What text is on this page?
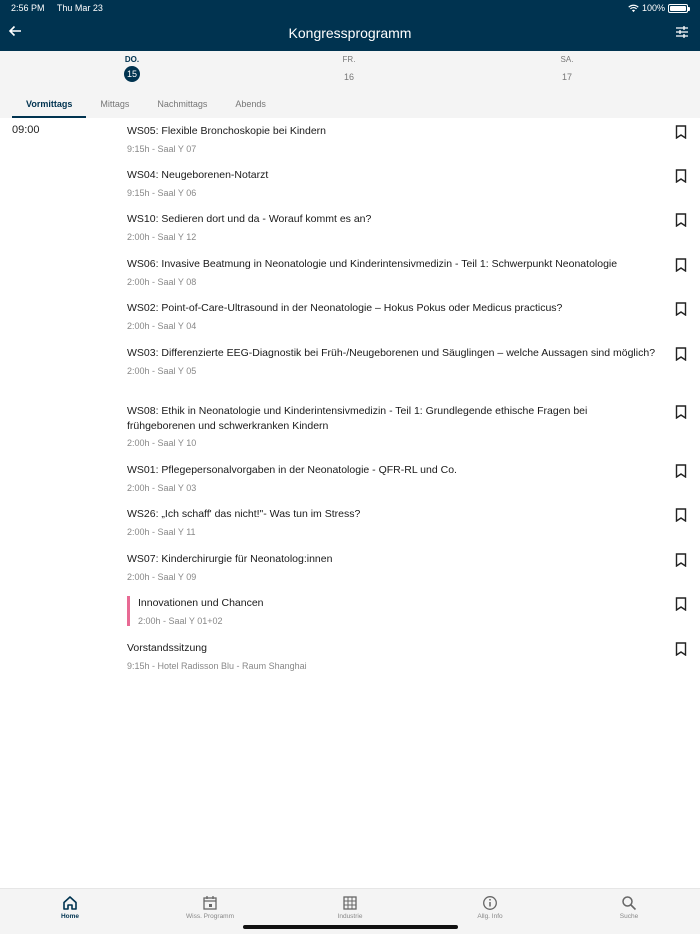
2:56 PM Thu Mar 23	100%
Kongressprogramm
DO.
15
FR.
16
SA.
17
Vormittags	Mittags	Nachmittags	Abends
09:00	WS05: Flexible Bronchoskopie bei Kindern
9:15h - Saal Y 07
WS04: Neugeborenen-Notarzt
9:15h - Saal Y 06
WS10: Sedieren dort und da - Worauf kommt es an?
2:00h - Saal Y 12
WS06: Invasive Beatmung in Neonatologie und Kinderintensivmedizin - Teil 1: Schwerpunkt Neonatologie
2:00h - Saal Y 08
WS02: Point-of-Care-Ultrasound in der Neonatologie – Hokus Pokus oder Medicus practicus?
2:00h - Saal Y 04
WS03: Differenzierte EEG-Diagnostik bei Früh-/Neugeborenen und Säuglingen – welche Aussagen sind möglich?
2:00h - Saal Y 05
WS08: Ethik in Neonatologie und Kinderintensivmedizin - Teil 1: Grundlegende ethische Fragen bei frühgeborenen und schwerkranken Kindern
2:00h - Saal Y 10
WS01: Pflegepersonalvorgaben in der Neonatologie - QFR-RL und Co.
2:00h - Saal Y 03
WS26: „Ich schaff' das nicht!"- Was tun im Stress?
2:00h - Saal Y 11
WS07: Kinderchirurgie für Neonatolog:innen
2:00h - Saal Y 09
Innovationen und Chancen
2:00h - Saal Y 01+02
Vorstandssitzung
9:15h - Hotel Radisson Blu - Raum Shanghai
Home	Wiss. Programm	Industrie	Allg. Info	Suche
